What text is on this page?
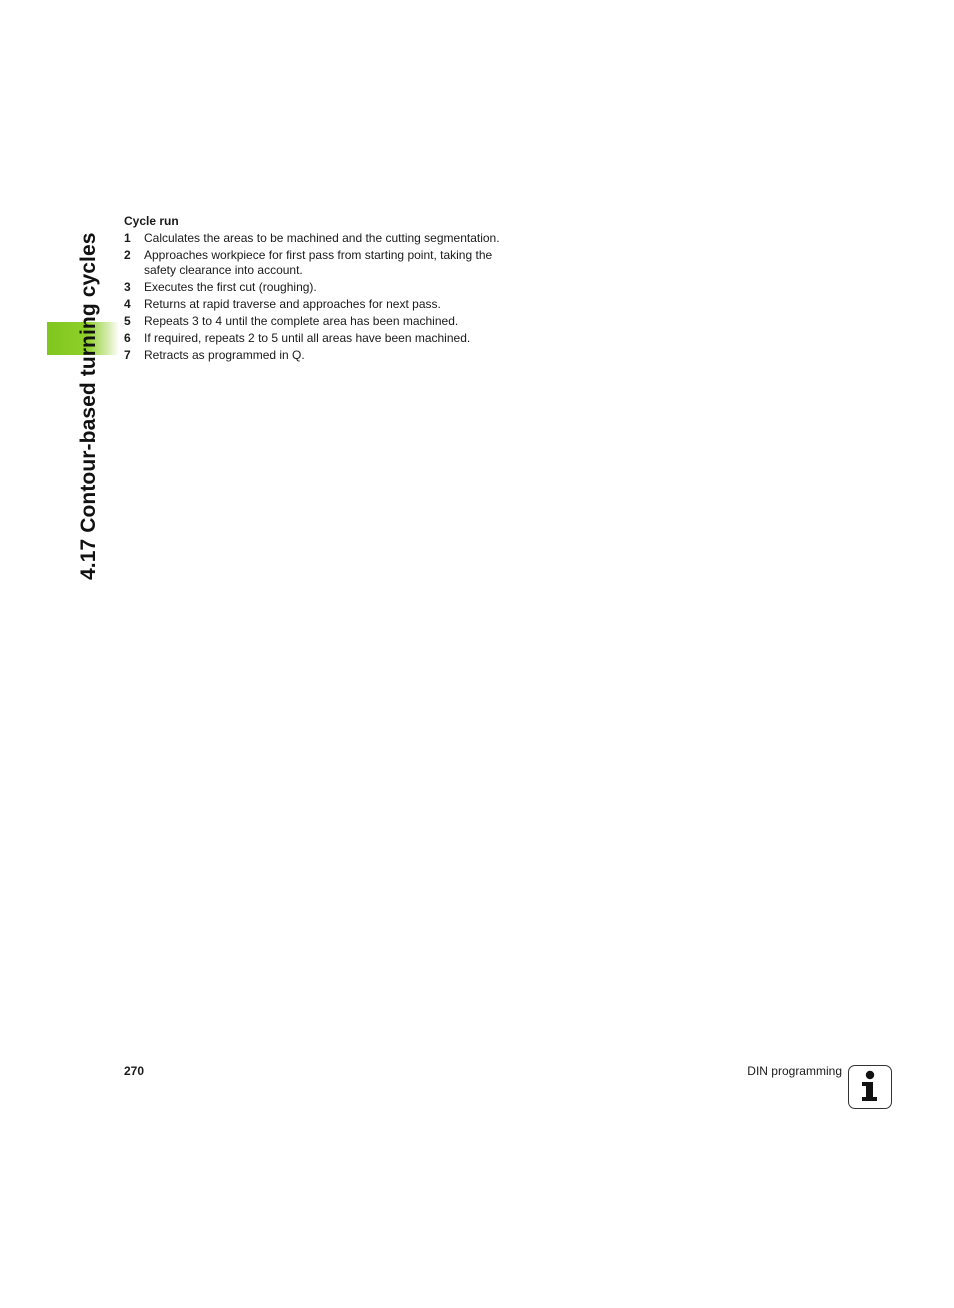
4.17 Contour-based turning cycles
Cycle run
1 Calculates the areas to be machined and the cutting segmentation.
2 Approaches workpiece for first pass from starting point, taking the safety clearance into account.
3 Executes the first cut (roughing).
4 Returns at rapid traverse and approaches for next pass.
5 Repeats 3 to 4 until the complete area has been machined.
6 If required, repeats 2 to 5 until all areas have been machined.
7 Retracts as programmed in Q.
270	DIN programming
